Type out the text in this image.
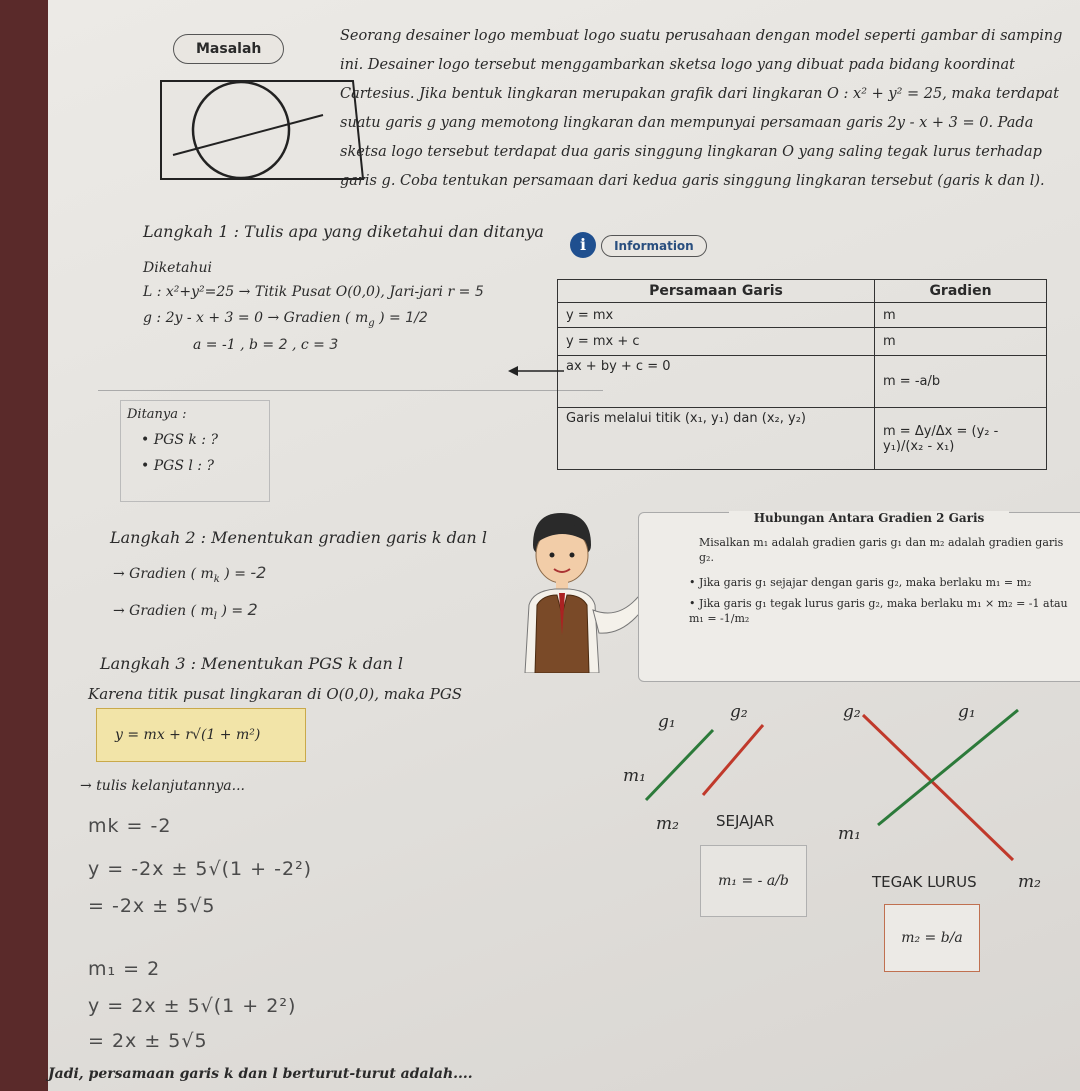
Masalah

Seorang desainer logo membuat logo suatu perusahaan dengan model seperti gambar di samping

ini. Desainer logo tersebut menggambarkan sketsa logo yang dibuat pada bidang koordinat

Cartesius. Jika bentuk lingkaran merupakan grafik dari lingkaran O : x² + y² = 25, maka terdapat

suatu garis g yang memotong lingkaran dan mempunyai persamaan garis 2y - x + 3 = 0. Pada

sketsa logo tersebut terdapat dua garis singgung lingkaran O yang saling tegak lurus terhadap

garis g. Coba tentukan persamaan dari kedua garis singgung lingkaran tersebut (garis k dan l).

Langkah 1 : Tulis apa yang diketahui dan ditanya
Diketahui
L : x²+y²=25 → Titik Pusat O(0,0), Jari-jari r = 5
g : 2y - x + 3 = 0 → Gradien ( $m_g$ ) = 1/2
a = -1 , b = 2 , c = 3
Ditanya :
• PGS k : ?
• PGS l : ?
i Information
Persamaan Garis	Gradien
y = mx	m
y = mx + c	m
ax + by + c = 0	m = -a/b
Garis melalui titik (x₁, y₁) dan (x₂, y₂)	m = Δy/Δx = (y₂ - y₁)/(x₂ - x₁)
Langkah 2 : Menentukan gradien garis k dan l
→ Gradien ( $m_k$ ) = -2
→ Gradien ( $m_l$ ) = 2
Hubungan Antara Gradien 2 Garis
Misalkan m₁ adalah gradien garis g₁ dan m₂ adalah gradien garis g₂.
• Jika garis g₁ sejajar dengan garis g₂, maka berlaku m₁ = m₂
• Jika garis g₁ tegak lurus garis g₂, maka berlaku m₁ × m₂ = -1 atau m₁ = -1/m₂
Langkah 3 : Menentukan PGS k dan l
Karena titik pusat lingkaran di O(0,0), maka PGS
y = mx + r√(1 + m²)
→ tulis kelanjutannya...
g₁	g₂
m₁
m₂ SEJAJAR
g₂	g₁
m₁
TEGAK LURUS m₂
m₁ = - a/b
m₂ = b/a
mk = -2
y = -2x ± 5√(1 + -2²)
= -2x ± 5√5
m₁ = 2
y = 2x ± 5√(1 + 2²)
= 2x ± 5√5
Jadi, persamaan garis k dan l berturut-turut adalah....
